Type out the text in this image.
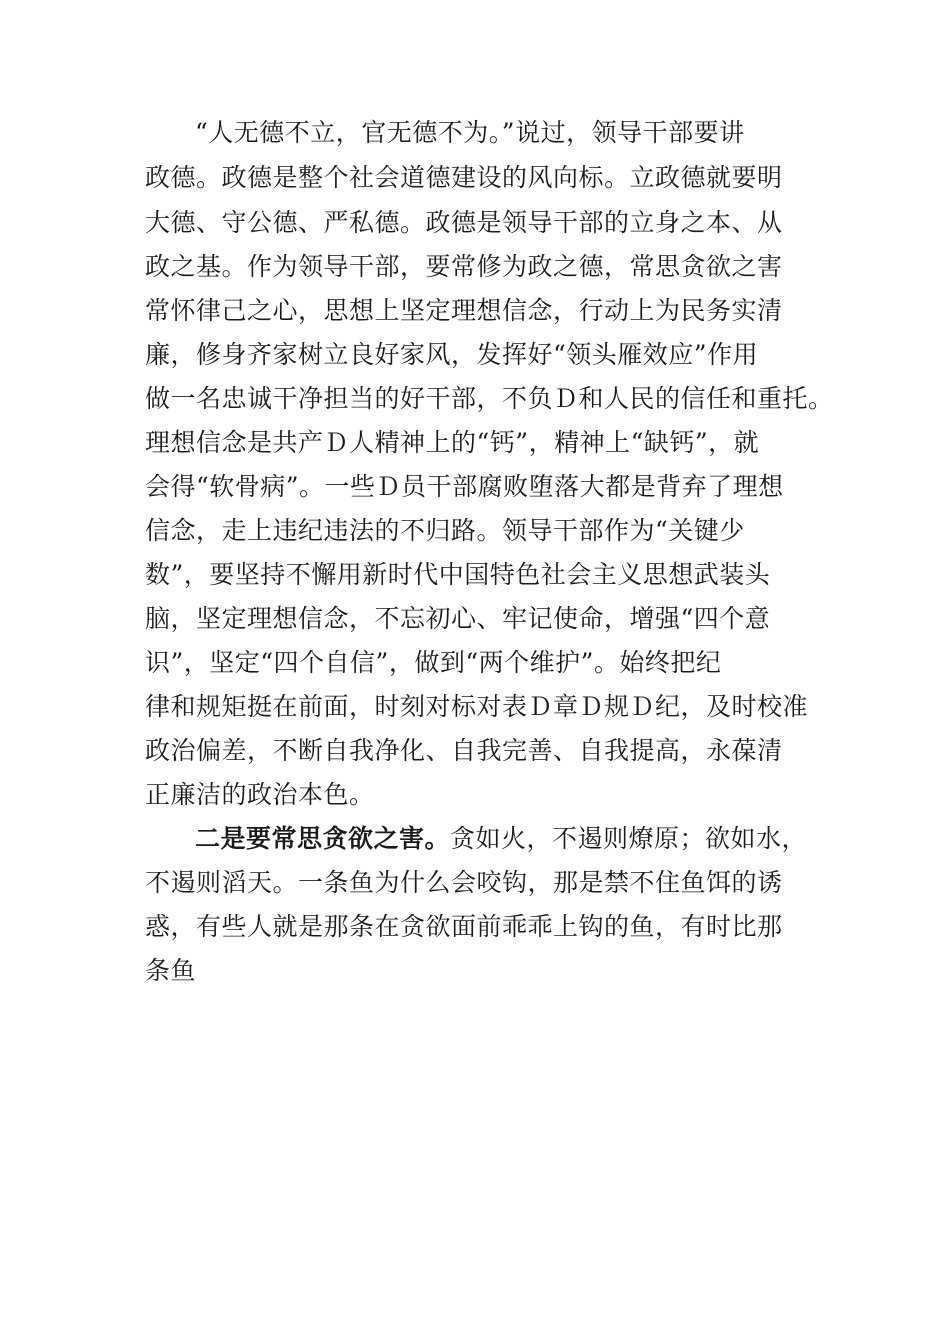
“人无德不立，官无德不为。”说过，领导干部要讲
政德。政德是整个社会道德建设的风向标。立政德就要明
大德、守公德、严私德。政德是领导干部的立身之本、从
政之基。作为领导干部，要常修为政之德，常思贪欲之害
常怀律己之心，思想上坚定理想信念，行动上为民务实清
廉，修身齐家树立良好家风，发挥好“领头雁效应”作用
做一名忠诚干净担当的好干部，不负Ｄ和人民的信任和重托。
理想信念是共产Ｄ人精神上的“钙”，精神上“缺钙”，就
会得“软骨病”。一些Ｄ员干部腐败堕落大都是背弃了理想
信念，走上违纪违法的不归路。领导干部作为“关键少
数”，要坚持不懈用新时代中国特色社会主义思想武装头
脑，坚定理想信念，不忘初心、牢记使命，增强“四个意
识”，坚定“四个自信”，做到“两个维护”。始终把纪
律和规矩挺在前面，时刻对标对表Ｄ章Ｄ规Ｄ纪，及时校准
政治偏差，不断自我净化、自我完善、自我提高，永葆清
正廉洁的政治本色。
二是要常思贪欲之害。贪如火，不遏则燎原；欲如水，
不遏则滔天。一条鱼为什么会咬钩，那是禁不住鱼饵的诱
惑，有些人就是那条在贪欲面前乖乖上钩的鱼，有时比那
条鱼
